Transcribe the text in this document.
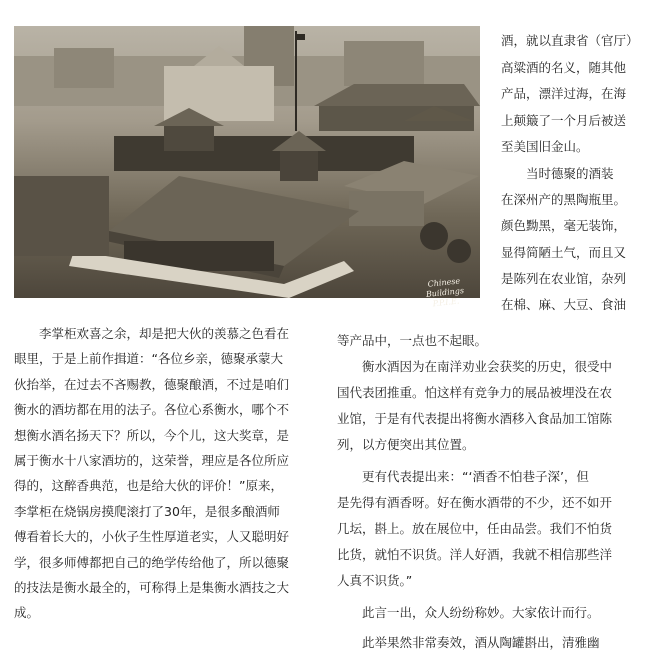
Chinese Buildings
P.P.I.E.
酒，就以直隶省（官厅）
高粱酒的名义，随其他
产品，漂洋过海，在海
上颠簸了一个月后被送
至美国旧金山。
　　当时德聚的酒装
在深州产的黑陶瓶里。
颜色黝黑，毫无装饰，
显得简陋土气，而且又
是陈列在农业馆，杂列
在棉、麻、大豆、食油
　　李掌柜欢喜之余，却是把大伙的羡慕之色看在
眼里，于是上前作揖道：“各位乡亲，德聚承蒙大
伙抬举，在过去不吝赐教，德聚酿酒，不过是咱们
衡水的酒坊都在用的法子。各位心系衡水，哪个不
想衡水酒名扬天下？所以，今个儿，这大奖章，是
属于衡水十八家酒坊的，这荣誉，理应是各位所应
得的，这醉香典范，也是给大伙的评价！”原来，
李掌柜在烧锅房摸爬滚打了30年，是很多酿酒师
傅看着长大的，小伙子生性厚道老实，人又聪明好
学，很多师傅都把自己的绝学传给他了，所以德聚
的技法是衡水最全的，可称得上是集衡水酒技之大
成。
等产品中，一点也不起眼。
　　衡水酒因为在南洋劝业会获奖的历史，很受中
国代表团推重。怕这样有竞争力的展品被埋没在农
业馆，于是有代表提出将衡水酒移入食品加工馆陈
列，以方便突出其位置。
　　更有代表提出来：“‘酒香不怕巷子深’，但
是先得有酒香呀。好在衡水酒带的不少，还不如开
几坛，斟上。放在展位中，任由品尝。我们不怕货
比货，就怕不识货。洋人好酒，我就不相信那些洋
人真不识货。”
　　此言一出，众人纷纷称妙。大家依计而行。
　　此举果然非常奏效，酒从陶罐斟出，清雅幽
